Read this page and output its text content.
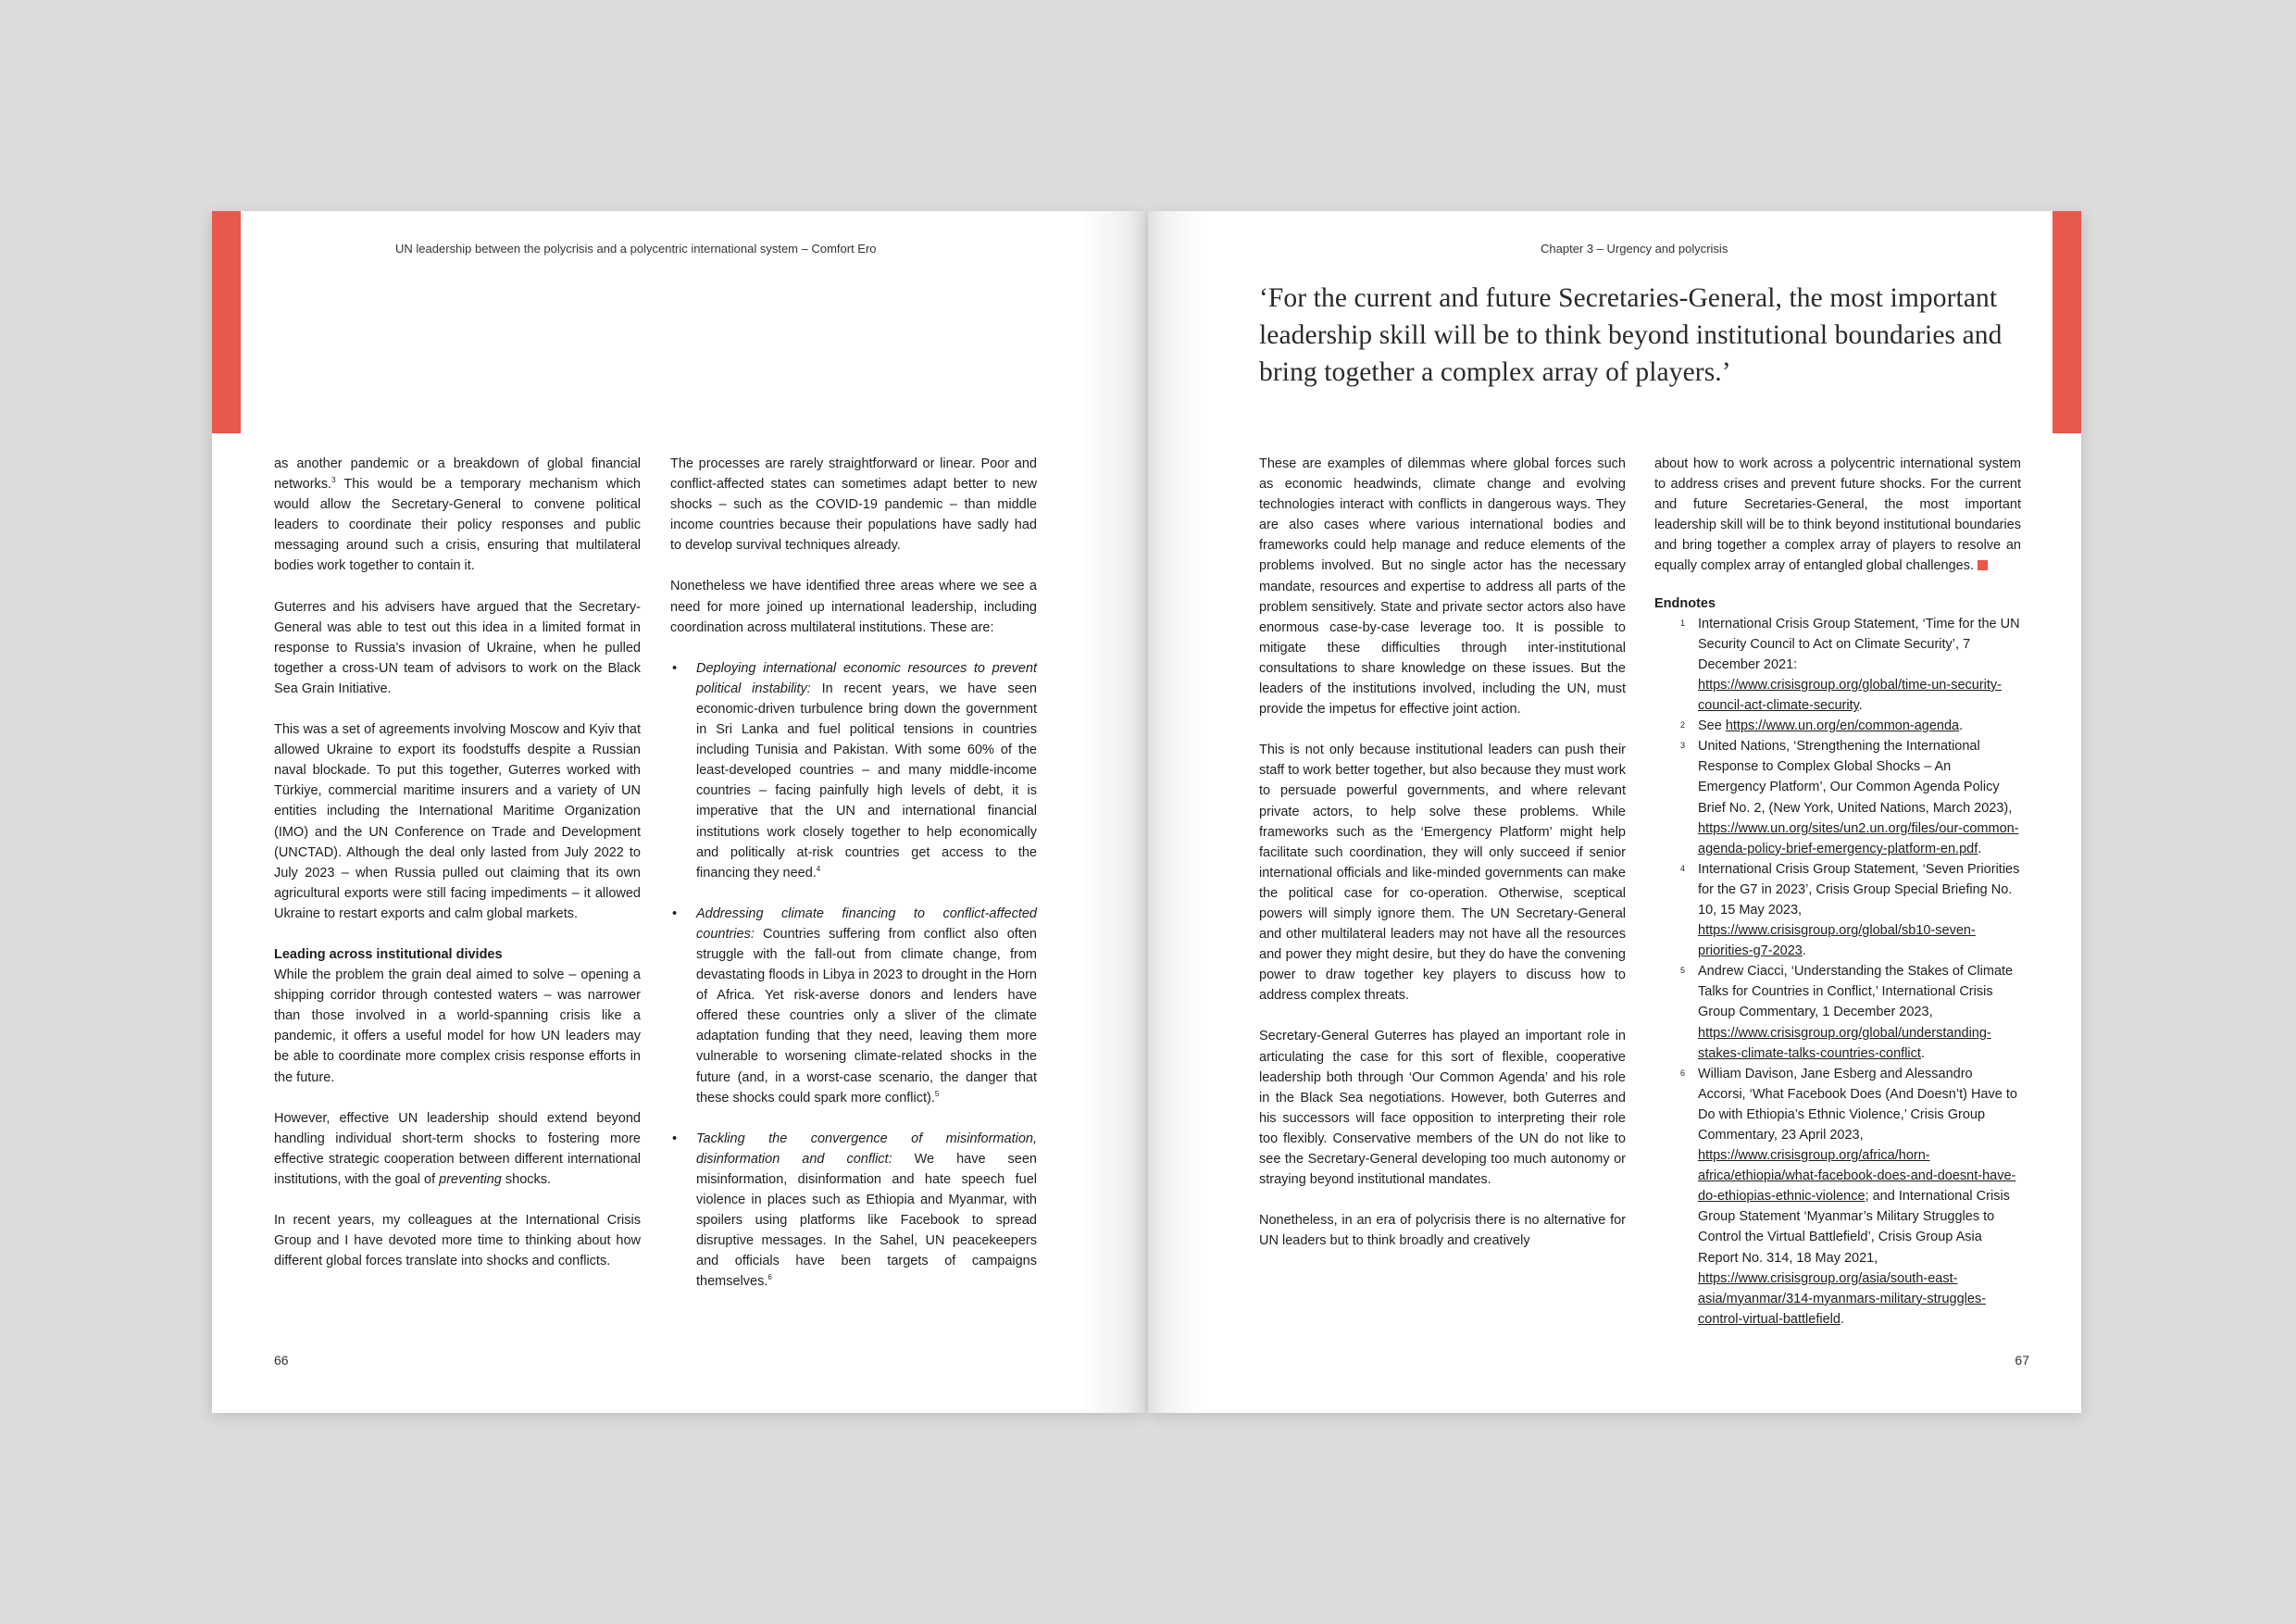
UN leadership between the polycrisis and a polycentric international system – Comfort Ero

as another pandemic or a breakdown of global financial networks.$^3$ This would be a temporary mechanism which would allow the Secretary-General to convene political leaders to coordinate their policy responses and public messaging around such a crisis, ensuring that multilateral bodies work together to contain it.

Guterres and his advisers have argued that the Secretary-General was able to test out this idea in a limited format in response to Russia’s invasion of Ukraine, when he pulled together a cross-UN team of advisors to work on the Black Sea Grain Initiative.

This was a set of agreements involving Moscow and Kyiv that allowed Ukraine to export its foodstuffs despite a Russian naval blockade. To put this together, Guterres worked with Türkiye, commercial maritime insurers and a variety of UN entities including the International Maritime Organization (IMO) and the UN Conference on Trade and Development (UNCTAD). Although the deal only lasted from July 2022 to July 2023 – when Russia pulled out claiming that its own agricultural exports were still facing impediments – it allowed Ukraine to restart exports and calm global markets.

Leading across institutional divides

While the problem the grain deal aimed to solve – opening a shipping corridor through contested waters – was narrower than those involved in a world-spanning crisis like a pandemic, it offers a useful model for how UN leaders may be able to coordinate more complex crisis response efforts in the future.

However, effective UN leadership should extend beyond handling individual short-term shocks to fostering more effective strategic cooperation between different international institutions, with the goal of preventing shocks.

In recent years, my colleagues at the International Crisis Group and I have devoted more time to thinking about how different global forces translate into shocks and conflicts.

The processes are rarely straightforward or linear. Poor and conflict-affected states can sometimes adapt better to new shocks – such as the COVID-19 pandemic – than middle income countries because their populations have sadly had to develop survival techniques already.

Nonetheless we have identified three areas where we see a need for more joined up international leadership, including coordination across multilateral institutions. These are:

• Deploying international economic resources to prevent political instability: In recent years, we have seen economic-driven turbulence bring down the government in Sri Lanka and fuel political tensions in countries including Tunisia and Pakistan. With some 60% of the least-developed countries – and many middle-income countries – facing painfully high levels of debt, it is imperative that the UN and international financial institutions work closely together to help economically and politically at-risk countries get access to the financing they need.$^4$
• Addressing climate financing to conflict-affected countries: Countries suffering from conflict also often struggle with the fall-out from climate change, from devastating floods in Libya in 2023 to drought in the Horn of Africa. Yet risk-averse donors and lenders have offered these countries only a sliver of the climate adaptation funding that they need, leaving them more vulnerable to worsening climate-related shocks in the future (and, in a worst-case scenario, the danger that these shocks could spark more conflict).$^5$
• Tackling the convergence of misinformation, disinformation and conflict: We have seen misinformation, disinformation and hate speech fuel violence in places such as Ethiopia and Myanmar, with spoilers using platforms like Facebook to spread disruptive messages. In the Sahel, UN peacekeepers and officials have been targets of campaigns themselves.$^6$
66
Chapter 3 – Urgency and polycrisis

‘For the current and future Secretaries-General, the most important leadership skill will be to think beyond institutional boundaries and bring together a complex array of players.’

These are examples of dilemmas where global forces such as economic headwinds, climate change and evolving technologies interact with conflicts in dangerous ways. They are also cases where various international bodies and frameworks could help manage and reduce elements of the problems involved. But no single actor has the necessary mandate, resources and expertise to address all parts of the problem sensitively. State and private sector actors also have enormous case-by-case leverage too. It is possible to mitigate these difficulties through inter-institutional consultations to share knowledge on these issues. But the leaders of the institutions involved, including the UN, must provide the impetus for effective joint action.

This is not only because institutional leaders can push their staff to work better together, but also because they must work to persuade powerful governments, and where relevant private actors, to help solve these problems. While frameworks such as the ‘Emergency Platform’ might help facilitate such coordination, they will only succeed if senior international officials and like-minded governments can make the political case for co-operation. Otherwise, sceptical powers will simply ignore them. The UN Secretary-General and other multilateral leaders may not have all the resources and power they might desire, but they do have the convening power to draw together key players to discuss how to address complex threats.

Secretary-General Guterres has played an important role in articulating the case for this sort of flexible, cooperative leadership both through ‘Our Common Agenda’ and his role in the Black Sea negotiations. However, both Guterres and his successors will face opposition to interpreting their role too flexibly. Conservative members of the UN do not like to see the Secretary-General developing too much autonomy or straying beyond institutional mandates.

Nonetheless, in an era of polycrisis there is no alternative for UN leaders but to think broadly and creatively

about how to work across a polycentric international system to address crises and prevent future shocks. For the current and future Secretaries-General, the most important leadership skill will be to think beyond institutional boundaries and bring together a complex array of players to resolve an equally complex array of entangled global challenges.

Endnotes
1 International Crisis Group Statement, ‘Time for the UN Security Council to Act on Climate Security’, 7 December 2021: https://www.crisisgroup.org/global/time-un-security-council-act-climate-security.
2 See https://www.un.org/en/common-agenda.
3 United Nations, ‘Strengthening the International Response to Complex Global Shocks – An Emergency Platform’, Our Common Agenda Policy Brief No. 2, (New York, United Nations, March 2023), https://www.un.org/sites/un2.un.org/files/our-common-agenda-policy-brief-emergency-platform-en.pdf.
4 International Crisis Group Statement, ‘Seven Priorities for the G7 in 2023’, Crisis Group Special Briefing No. 10, 15 May 2023, https://www.crisisgroup.org/global/sb10-seven-priorities-g7-2023.
5 Andrew Ciacci, ‘Understanding the Stakes of Climate Talks for Countries in Conflict,’ International Crisis Group Commentary, 1 December 2023, https://www.crisisgroup.org/global/understanding-stakes-climate-talks-countries-conflict.
6 William Davison, Jane Esberg and Alessandro Accorsi, ‘What Facebook Does (And Doesn’t) Have to Do with Ethiopia’s Ethnic Violence,’ Crisis Group Commentary, 23 April 2023, https://www.crisisgroup.org/africa/horn-africa/ethiopia/what-facebook-does-and-doesnt-have-do-ethiopias-ethnic-violence; and International Crisis Group Statement ‘Myanmar’s Military Struggles to Control the Virtual Battlefield’, Crisis Group Asia Report No. 314, 18 May 2021, https://www.crisisgroup.org/asia/south-east-asia/myanmar/314-myanmars-military-struggles-control-virtual-battlefield.
67
